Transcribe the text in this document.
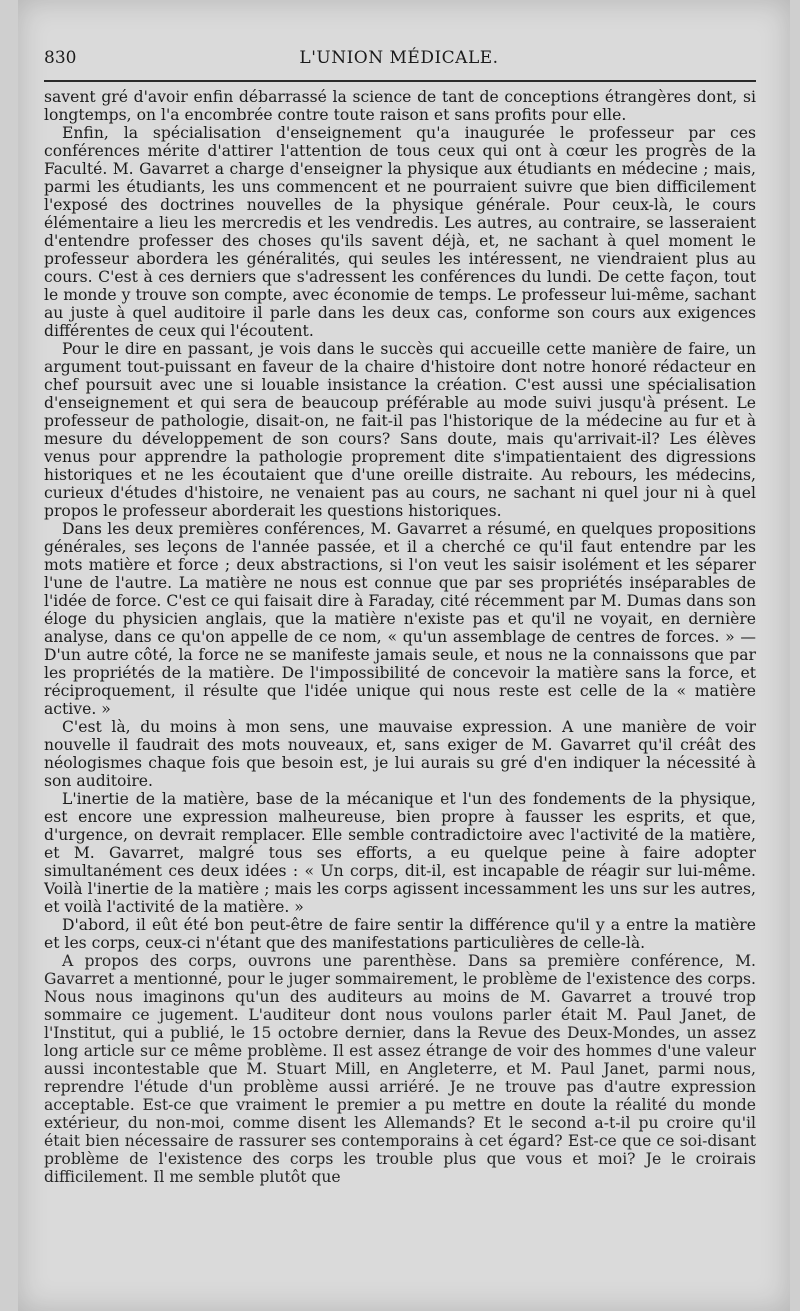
830	L'UNION MÉDICALE.

savent gré d'avoir enfin débarrassé la science de tant de conceptions étrangères dont, si longtemps, on l'a encombrée contre toute raison et sans profits pour elle.

Enfin, la spécialisation d'enseignement qu'a inaugurée le professeur par ces conférences mérite d'attirer l'attention de tous ceux qui ont à cœur les progrès de la Faculté. M. Gavarret a charge d'enseigner la physique aux étudiants en médecine ; mais, parmi les étudiants, les uns commencent et ne pourraient suivre que bien difficilement l'exposé des doctrines nouvelles de la physique générale. Pour ceux-là, le cours élémentaire a lieu les mercredis et les vendredis. Les autres, au contraire, se lasseraient d'entendre professer des choses qu'ils savent déjà, et, ne sachant à quel moment le professeur abordera les généralités, qui seules les intéressent, ne viendraient plus au cours. C'est à ces derniers que s'adressent les conférences du lundi. De cette façon, tout le monde y trouve son compte, avec économie de temps. Le professeur lui-même, sachant au juste à quel auditoire il parle dans les deux cas, conforme son cours aux exigences différentes de ceux qui l'écoutent.

Pour le dire en passant, je vois dans le succès qui accueille cette manière de faire, un argument tout-puissant en faveur de la chaire d'histoire dont notre honoré rédacteur en chef poursuit avec une si louable insistance la création. C'est aussi une spécialisation d'enseignement et qui sera de beaucoup préférable au mode suivi jusqu'à présent. Le professeur de pathologie, disait-on, ne fait-il pas l'historique de la médecine au fur et à mesure du développement de son cours? Sans doute, mais qu'arrivait-il? Les élèves venus pour apprendre la pathologie proprement dite s'impatientaient des digressions historiques et ne les écoutaient que d'une oreille distraite. Au rebours, les médecins, curieux d'études d'histoire, ne venaient pas au cours, ne sachant ni quel jour ni à quel propos le professeur aborderait les questions historiques.

Dans les deux premières conférences, M. Gavarret a résumé, en quelques propositions générales, ses leçons de l'année passée, et il a cherché ce qu'il faut entendre par les mots matière et force ; deux abstractions, si l'on veut les saisir isolément et les séparer l'une de l'autre. La matière ne nous est connue que par ses propriétés inséparables de l'idée de force. C'est ce qui faisait dire à Faraday, cité récemment par M. Dumas dans son éloge du physicien anglais, que la matière n'existe pas et qu'il ne voyait, en dernière analyse, dans ce qu'on appelle de ce nom, « qu'un assemblage de centres de forces. » — D'un autre côté, la force ne se manifeste jamais seule, et nous ne la connaissons que par les propriétés de la matière. De l'impossibilité de concevoir la matière sans la force, et réciproquement, il résulte que l'idée unique qui nous reste est celle de la « matière active. »

C'est là, du moins à mon sens, une mauvaise expression. A une manière de voir nouvelle il faudrait des mots nouveaux, et, sans exiger de M. Gavarret qu'il créât des néologismes chaque fois que besoin est, je lui aurais su gré d'en indiquer la nécessité à son auditoire.

L'inertie de la matière, base de la mécanique et l'un des fondements de la physique, est encore une expression malheureuse, bien propre à fausser les esprits, et que, d'urgence, on devrait remplacer. Elle semble contradictoire avec l'activité de la matière, et M. Gavarret, malgré tous ses efforts, a eu quelque peine à faire adopter simultanément ces deux idées : « Un corps, dit-il, est incapable de réagir sur lui-même. Voilà l'inertie de la matière ; mais les corps agissent incessamment les uns sur les autres, et voilà l'activité de la matière. »

D'abord, il eût été bon peut-être de faire sentir la différence qu'il y a entre la matière et les corps, ceux-ci n'étant que des manifestations particulières de celle-là.

A propos des corps, ouvrons une parenthèse. Dans sa première conférence, M. Gavarret a mentionné, pour le juger sommairement, le problème de l'existence des corps. Nous nous imaginons qu'un des auditeurs au moins de M. Gavarret a trouvé trop sommaire ce jugement. L'auditeur dont nous voulons parler était M. Paul Janet, de l'Institut, qui a publié, le 15 octobre dernier, dans la Revue des Deux-Mondes, un assez long article sur ce même problème. Il est assez étrange de voir des hommes d'une valeur aussi incontestable que M. Stuart Mill, en Angleterre, et M. Paul Janet, parmi nous, reprendre l'étude d'un problème aussi arriéré. Je ne trouve pas d'autre expression acceptable. Est-ce que vraiment le premier a pu mettre en doute la réalité du monde extérieur, du non-moi, comme disent les Allemands? Et le second a-t-il pu croire qu'il était bien nécessaire de rassurer ses contemporains à cet égard? Est-ce que ce soi-disant problème de l'existence des corps les trouble plus que vous et moi? Je le croirais difficilement. Il me semble plutôt que
